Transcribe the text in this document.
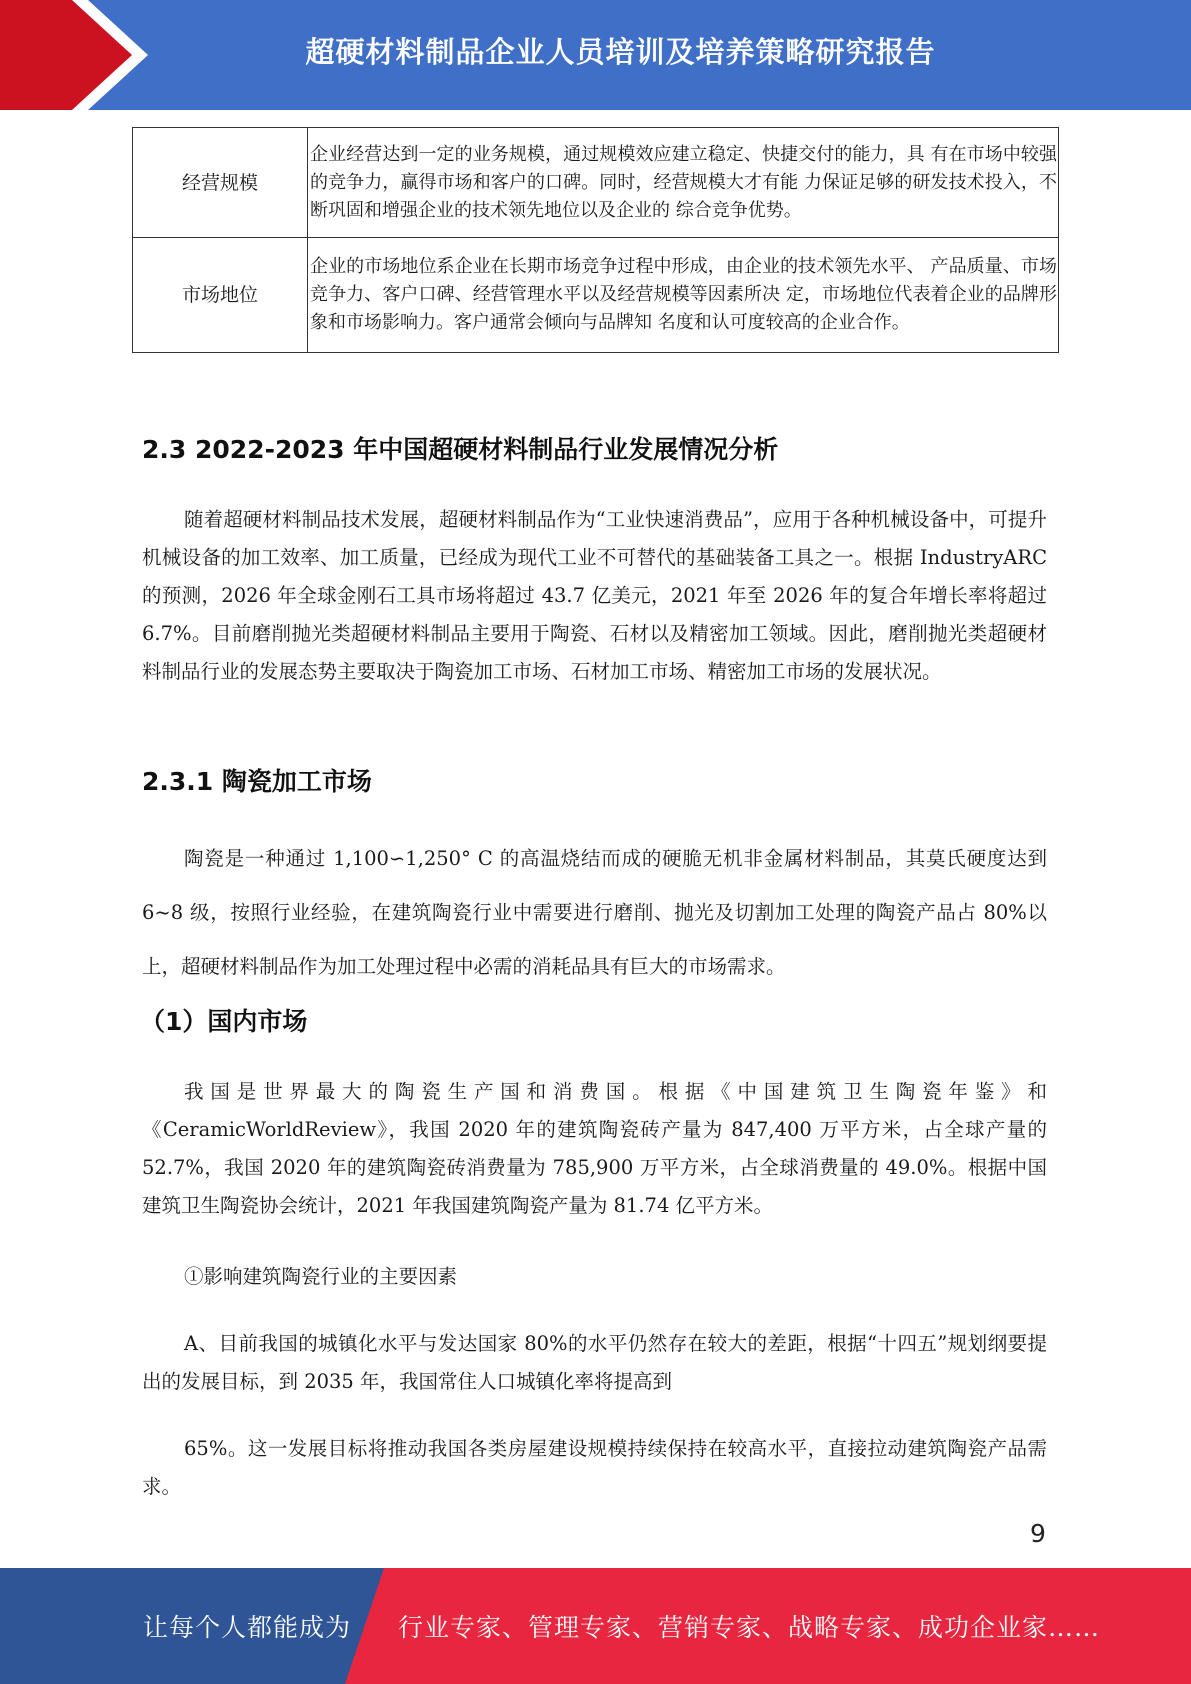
超硬材料制品企业人员培训及培养策略研究报告
经营规模	企业经营达到一定的业务规模，通过规模效应建立稳定、快捷交付的能力，具 有在市场中较强的竞争力，赢得市场和客户的口碑。同时，经营规模大才有能 力保证足够的研发技术投入，不断巩固和增强企业的技术领先地位以及企业的 综合竞争优势。
市场地位	企业的市场地位系企业在长期市场竞争过程中形成，由企业的技术领先水平、 产品质量、市场竞争力、客户口碑、经营管理水平以及经营规模等因素所决 定，市场地位代表着企业的品牌形象和市场影响力。客户通常会倾向与品牌知 名度和认可度较高的企业合作。
2.3 2022-2023 年中国超硬材料制品行业发展情况分析

随着超硬材料制品技术发展，超硬材料制品作为“工业快速消费品”，应用于各种机械设备中，可提升机械设备的加工效率、加工质量，已经成为现代工业不可替代的基础装备工具之一。根据 IndustryARC 的预测，2026 年全球金刚石工具市场将超过 43.7 亿美元，2021 年至 2026 年的复合年增长率将超过 6.7%。目前磨削抛光类超硬材料制品主要用于陶瓷、石材以及精密加工领域。因此，磨削抛光类超硬材料制品行业的发展态势主要取决于陶瓷加工市场、石材加工市场、精密加工市场的发展状况。

2.3.1 陶瓷加工市场

陶瓷是一种通过 1,100∽1,250° C 的高温烧结而成的硬脆无机非金属材料制品，其莫氏硬度达到 6~8 级，按照行业经验，在建筑陶瓷行业中需要进行磨削、抛光及切割加工处理的陶瓷产品占 80%以上，超硬材料制品作为加工处理过程中必需的消耗品具有巨大的市场需求。

（1）国内市场

我国是世界最大的陶瓷生产国和消费国。根据《中国建筑卫生陶瓷年鉴》和《CeramicWorldReview》，我国 2020 年的建筑陶瓷砖产量为 847,400 万平方米，占全球产量的 52.7%，我国 2020 年的建筑陶瓷砖消费量为 785,900 万平方米，占全球消费量的 49.0%。根据中国建筑卫生陶瓷协会统计，2021 年我国建筑陶瓷产量为 81.74 亿平方米。

①影响建筑陶瓷行业的主要因素

A、目前我国的城镇化水平与发达国家 80%的水平仍然存在较大的差距，根据“十四五”规划纲要提出的发展目标，到 2035 年，我国常住人口城镇化率将提高到

65%。这一发展目标将推动我国各类房屋建设规模持续保持在较高水平，直接拉动建筑陶瓷产品需求。

9
让每个人都能成为 行业专家、管理专家、营销专家、战略专家、成功企业家……
